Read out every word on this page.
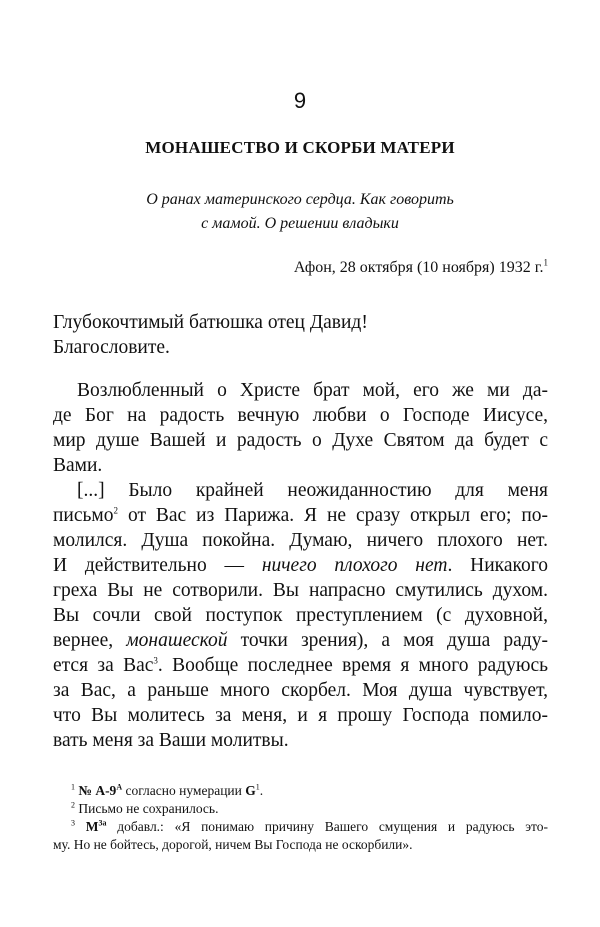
9
МОНАШЕСТВО И СКОРБИ МАТЕРИ
О ранах материнского сердца. Как говорить
с мамой. О решении владыки
Афон, 28 октября (10 ноября) 1932 г.$^1$
Глубокочтимый батюшка отец Давид!
Благословите.
Возлюбленный о Христе брат мой, его же ми да-
де Бог на радость вечную любви о Господе Иисусе,
мир душе Вашей и радость о Духе Святом да будет с
Вами.
[...] Было крайней неожиданностию для меня
письмо$^2$ от Вас из Парижа. Я не сразу открыл его; по-
молился. Душа покойна. Думаю, ничего плохого нет.
И действительно — ничего плохого нет. Никакого
греха Вы не сотворили. Вы напрасно смутились духом.
Вы сочли свой поступок преступлением (с духовной,
вернее, монашеской точки зрения), а моя душа раду-
ется за Вас$^3$. Вообще последнее время я много радуюсь
за Вас, а раньше много скорбел. Моя душа чувствует,
что Вы молитесь за меня, и я прошу Господа помило-
вать меня за Ваши молитвы.
$^1$ № А-9$^А$ согласно нумерации G$^1$.
$^2$ Письмо не сохранилось.
$^3$ M$^{3a}$ добавл.: «Я понимаю причину Вашего смущения и радуюсь это-
му. Но не бойтесь, дорогой, ничем Вы Господа не оскорбили».
